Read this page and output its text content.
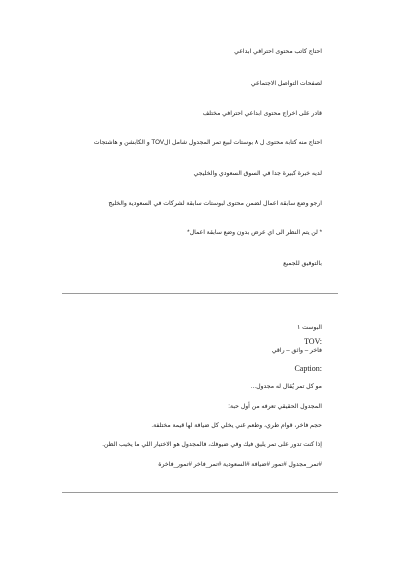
احتاج كاتب محتوى احترافي ابداعي
لصفحات التواصل الاجتماعي
قادر على اخراج محتوى ابداعي احترافي مختلف
احتاج منه كتابة محتوى ل ٨ بوستات لبيع تمر المجدول شامل الTOV و الكابشن و هاشتجات
لديه خبرة كبيرة جدا في السوق السعودي والخليجي
ارجو وضع سابقة اعمال لضمن محتوى لبوستات سابقة لشركات في السعودية والخليج
* لن يتم النظر الى اي عرض بدون وضع سابقة اعمال*
بالتوفيق للجميع
البوست ١
TOV:
فاخر – واثق – راقي
Caption:
مو كل تمر يُقال له مجدول...
المجدول الحقيقي تعرفه من أول حبة:
حجم فاخر، قوام طري، وطعم غني يخلي كل ضيافة لها قيمة مختلفة.
إذا كنت تدور على تمر يليق فيك وفي ضيوفك، فالمجدول هو الاختيار اللي ما يخيب الظن.
#تمر_مجدول #تمور #ضيافة #السعودية #تمر_فاخر #تمور_فاخرة
